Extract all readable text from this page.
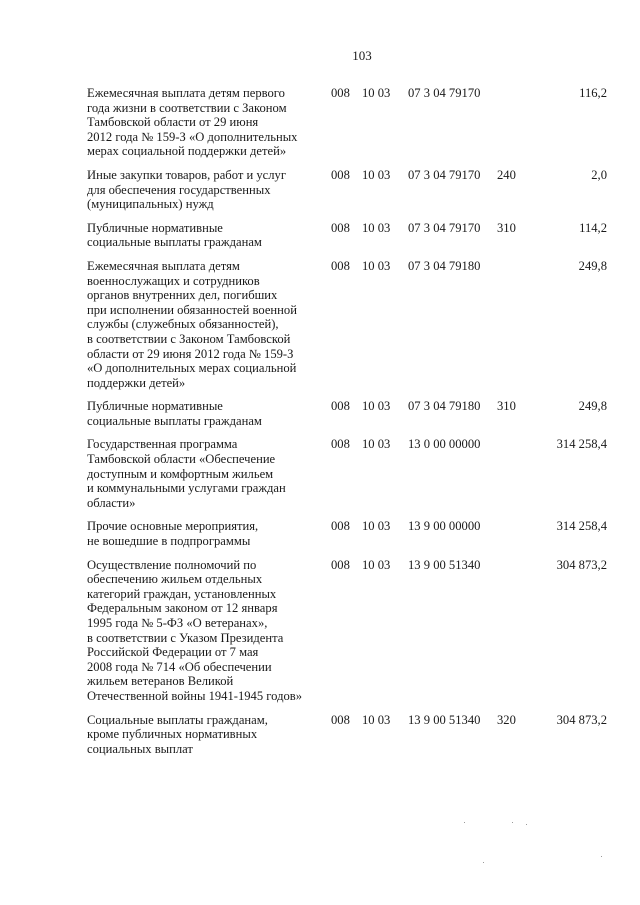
103
Ежемесячная выплата детям первого
года жизни в соответствии с Законом
Тамбовской области от 29 июня
2012 года № 159-З «О дополнительных
мерах социальной поддержки детей»
008 10 03 07 3 04 79170	116,2
Иные закупки товаров, работ и услуг
для обеспечения государственных
(муниципальных) нужд
008 10 03 07 3 04 79170 240	2,0
Публичные нормативные
социальные выплаты гражданам
008 10 03 07 3 04 79170 310	114,2
Ежемесячная выплата детям
военнослужащих и сотрудников
органов внутренних дел, погибших
при исполнении обязанностей военной
службы (служебных обязанностей),
в соответствии с Законом Тамбовской
области от 29 июня 2012 года № 159-З
«О дополнительных мерах социальной
поддержки детей»
008 10 03 07 3 04 79180	249,8
Публичные нормативные
социальные выплаты гражданам
008 10 03 07 3 04 79180 310	249,8
Государственная программа
Тамбовской области «Обеспечение
доступным и комфортным жильем
и коммунальными услугами граждан
области»
008 10 03 13 0 00 00000	314 258,4
Прочие основные мероприятия,
не вошедшие в подпрограммы
008 10 03 13 9 00 00000	314 258,4
Осуществление полномочий по
обеспечению жильем отдельных
категорий граждан, установленных
Федеральным законом от 12 января
1995 года № 5-ФЗ «О ветеранах»,
в соответствии с Указом Президента
Российской Федерации от 7 мая
2008 года № 714 «Об обеспечении
жильем ветеранов Великой
Отечественной войны 1941-1945 годов»
008 10 03 13 9 00 51340	304 873,2
Социальные выплаты гражданам,
кроме публичных нормативных
социальных выплат
008 10 03 13 9 00 51340 320	304 873,2
